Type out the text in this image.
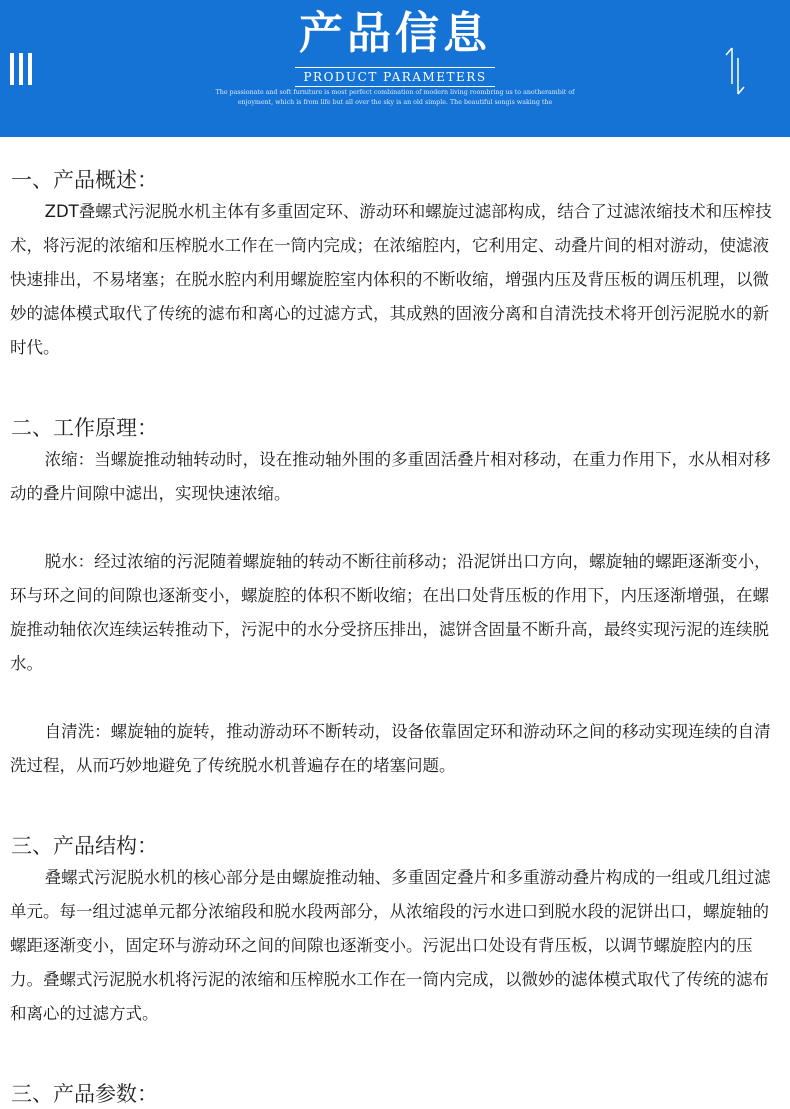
产品信息
PRODUCT PARAMETERS
The passionate and soft furniture is most perfect combination of modern living roombring us to anotherambit of enjoyment, which is from life but all over the sky is an old simple. The beautiful songis waking the
一、产品概述：

ZDT叠螺式污泥脱水机主体有多重固定环、游动环和螺旋过滤部构成，结合了过滤浓缩技术和压榨技术，将污泥的浓缩和压榨脱水工作在一筒内完成；在浓缩腔内，它利用定、动叠片间的相对游动，使滤液快速排出，不易堵塞；在脱水腔内利用螺旋腔室内体积的不断收缩，增强内压及背压板的调压机理，以微妙的滤体模式取代了传统的滤布和离心的过滤方式，其成熟的固液分离和自清洗技术将开创污泥脱水的新时代。

二、工作原理：

浓缩：当螺旋推动轴转动时，设在推动轴外围的多重固活叠片相对移动，在重力作用下，水从相对移动的叠片间隙中滤出，实现快速浓缩。

脱水：经过浓缩的污泥随着螺旋轴的转动不断往前移动；沿泥饼出口方向，螺旋轴的螺距逐渐变小，环与环之间的间隙也逐渐变小，螺旋腔的体积不断收缩；在出口处背压板的作用下，内压逐渐增强，在螺旋推动轴依次连续运转推动下，污泥中的水分受挤压排出，滤饼含固量不断升高，最终实现污泥的连续脱水。

自清洗：螺旋轴的旋转，推动游动环不断转动，设备依靠固定环和游动环之间的移动实现连续的自清洗过程，从而巧妙地避免了传统脱水机普遍存在的堵塞问题。

三、产品结构：

叠螺式污泥脱水机的核心部分是由螺旋推动轴、多重固定叠片和多重游动叠片构成的一组或几组过滤单元。每一组过滤单元都分浓缩段和脱水段两部分，从浓缩段的污水进口到脱水段的泥饼出口，螺旋轴的螺距逐渐变小，固定环与游动环之间的间隙也逐渐变小。污泥出口处设有背压板，以调节螺旋腔内的压力。叠螺式污泥脱水机将污泥的浓缩和压榨脱水工作在一筒内完成，以微妙的滤体模式取代了传统的滤布和离心的过滤方式。

三、产品参数：
